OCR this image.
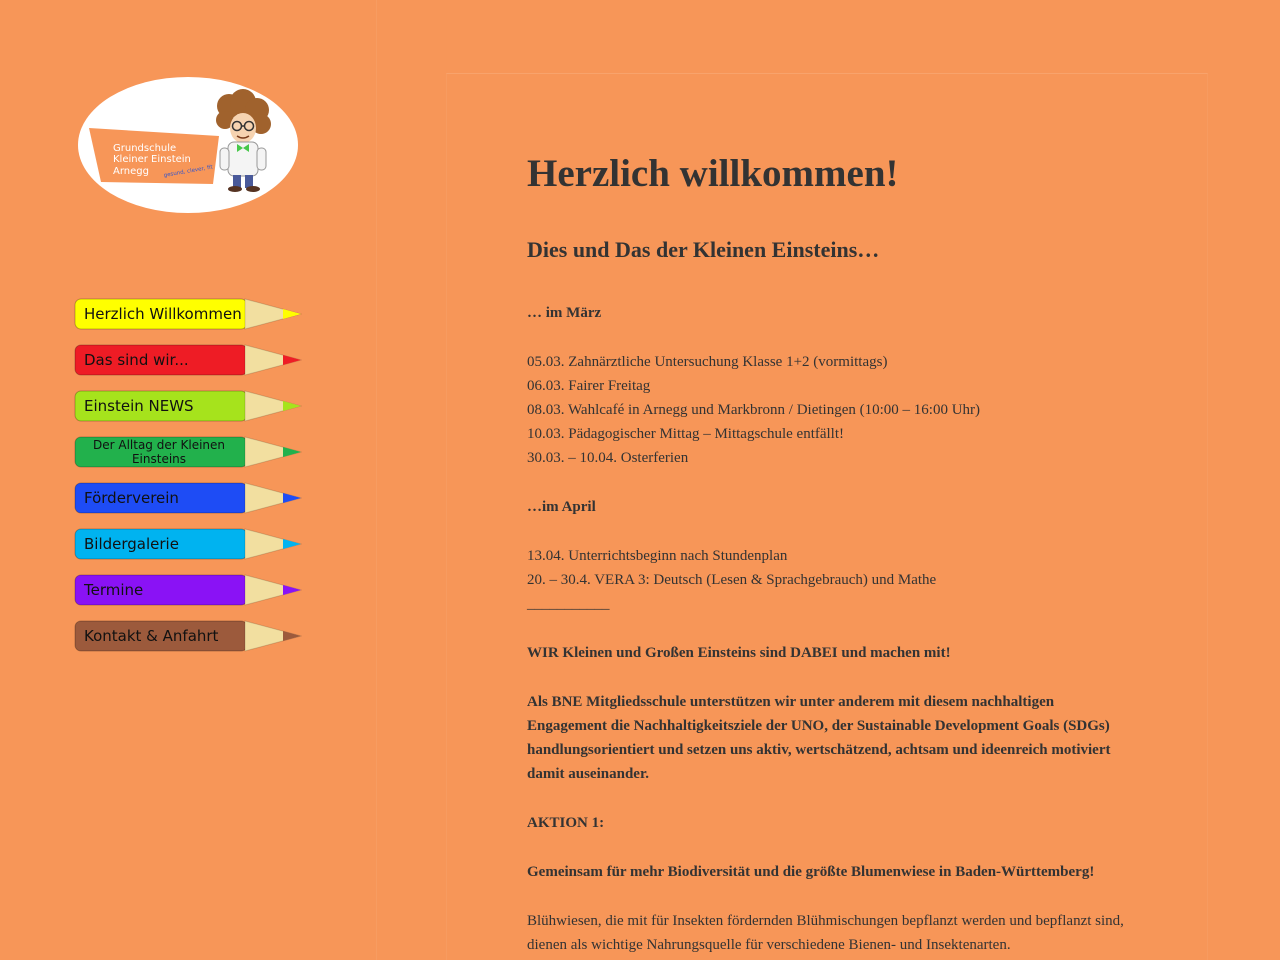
Grundschule
Kleiner Einstein
Arnegg	gesund, clever, fit
Herzlich Willkommen
Das sind wir...
Einstein NEWS
Der Alltag der Kleinen Einsteins
Förderverein
Bildergalerie
Termine
Kontakt & Anfahrt
Herzlich willkommen!
Dies und Das der Kleinen Einsteins…

… im März

05.03. Zahnärztliche Untersuchung Klasse 1+2 (vormittags)

06.03. Fairer Freitag

08.03. Wahlcafé in Arnegg und Markbronn / Dietingen (10:00 – 16:00 Uhr)

10.03. Pädagogischer Mittag – Mittagschule entfällt!

30.03. – 10.04. Osterferien

…im April

13.04. Unterrichtsbeginn nach Stundenplan

20. – 30.4. VERA 3: Deutsch (Lesen & Sprachgebrauch) und Mathe

___________

WIR Kleinen und Großen Einsteins sind DABEI und machen mit!

Als BNE Mitgliedsschule unterstützen wir unter anderem mit diesem nachhaltigen Engagement die Nachhaltigkeitsziele der UNO, der Sustainable Development Goals (SDGs) handlungsorientiert und setzen uns aktiv, wertschätzend, achtsam und ideenreich motiviert damit auseinander.

AKTION 1:

Gemeinsam für mehr Biodiversität und die größte Blumenwiese in Baden-Württemberg!

Blühwiesen, die mit für Insekten fördernden Blühmischungen bepflanzt werden und bepflanzt sind, dienen als wichtige Nahrungsquelle für verschiedene Bienen- und Insektenarten.
